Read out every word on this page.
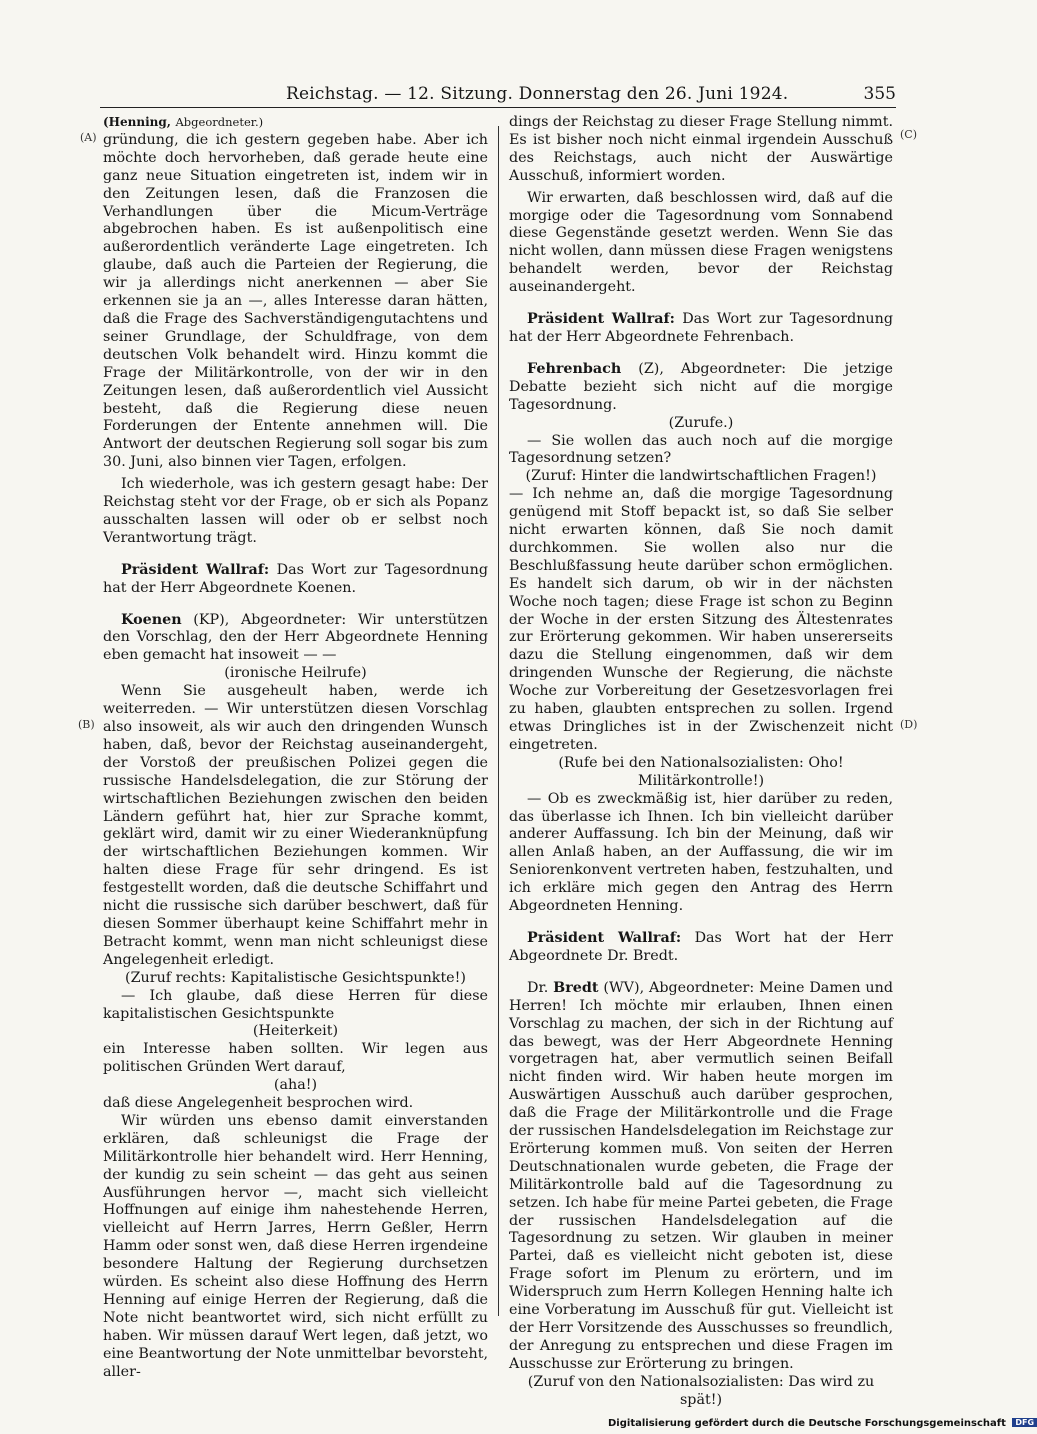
Reichstag. — 12. Sitzung. Donnerstag den 26. Juni 1924.	355
(A)
(B)
(C)
(D)

(Henning, Abgeordneter.)

gründung, die ich gestern gegeben habe. Aber ich möchte doch hervorheben, daß gerade heute eine ganz neue Situation eingetreten ist, indem wir in den Zeitungen lesen, daß die Franzosen die Verhandlungen über die Micum-Verträge abgebrochen haben. Es ist außenpolitisch eine außerordentlich veränderte Lage eingetreten. Ich glaube, daß auch die Parteien der Regierung, die wir ja allerdings nicht anerkennen — aber Sie erkennen sie ja an —, alles Interesse daran hätten, daß die Frage des Sachverständigengutachtens und seiner Grundlage, der Schuldfrage, von dem deutschen Volk behandelt wird. Hinzu kommt die Frage der Militärkontrolle, von der wir in den Zeitungen lesen, daß außerordentlich viel Aussicht besteht, daß die Regierung diese neuen Forderungen der Entente annehmen will. Die Antwort der deutschen Regierung soll sogar bis zum 30. Juni, also binnen vier Tagen, erfolgen.

Ich wiederhole, was ich gestern gesagt habe: Der Reichstag steht vor der Frage, ob er sich als Popanz ausschalten lassen will oder ob er selbst noch Verantwortung trägt.

Präsident Wallraf: Das Wort zur Tagesordnung hat der Herr Abgeordnete Koenen.

Koenen (KP), Abgeordneter: Wir unterstützen den Vorschlag, den der Herr Abgeordnete Henning eben gemacht hat insoweit — —

(ironische Heilrufe)

Wenn Sie ausgeheult haben, werde ich weiterreden. — Wir unterstützen diesen Vorschlag also insoweit, als wir auch den dringenden Wunsch haben, daß, bevor der Reichstag auseinandergeht, der Vorstoß der preußischen Polizei gegen die russische Handelsdelegation, die zur Störung der wirtschaftlichen Beziehungen zwischen den beiden Ländern geführt hat, hier zur Sprache kommt, geklärt wird, damit wir zu einer Wiederanknüpfung der wirtschaftlichen Beziehungen kommen. Wir halten diese Frage für sehr dringend. Es ist festgestellt worden, daß die deutsche Schiffahrt und nicht die russische sich darüber beschwert, daß für diesen Sommer überhaupt keine Schiffahrt mehr in Betracht kommt, wenn man nicht schleunigst diese Angelegenheit erledigt.

(Zuruf rechts: Kapitalistische Gesichtspunkte!)

— Ich glaube, daß diese Herren für diese kapitalistischen Gesichtspunkte

(Heiterkeit)

ein Interesse haben sollten. Wir legen aus politischen Gründen Wert darauf,

(aha!)

daß diese Angelegenheit besprochen wird.

Wir würden uns ebenso damit einverstanden erklären, daß schleunigst die Frage der Militärkontrolle hier behandelt wird. Herr Henning, der kundig zu sein scheint — das geht aus seinen Ausführungen hervor —, macht sich vielleicht Hoffnungen auf einige ihm nahestehende Herren, vielleicht auf Herrn Jarres, Herrn Geßler, Herrn Hamm oder sonst wen, daß diese Herren irgendeine besondere Haltung der Regierung durchsetzen würden. Es scheint also diese Hoffnung des Herrn Henning auf einige Herren der Regierung, daß die Note nicht beantwortet wird, sich nicht erfüllt zu haben. Wir müssen darauf Wert legen, daß jetzt, wo eine Beantwortung der Note unmittelbar bevorsteht, aller-

dings der Reichstag zu dieser Frage Stellung nimmt. Es ist bisher noch nicht einmal irgendein Ausschuß des Reichstags, auch nicht der Auswärtige Ausschuß, informiert worden.

Wir erwarten, daß beschlossen wird, daß auf die morgige oder die Tagesordnung vom Sonnabend diese Gegenstände gesetzt werden. Wenn Sie das nicht wollen, dann müssen diese Fragen wenigstens behandelt werden, bevor der Reichstag auseinandergeht.

Präsident Wallraf: Das Wort zur Tagesordnung hat der Herr Abgeordnete Fehrenbach.

Fehrenbach (Z), Abgeordneter: Die jetzige Debatte bezieht sich nicht auf die morgige Tagesordnung.

(Zurufe.)

— Sie wollen das auch noch auf die morgige Tagesordnung setzen?

(Zuruf: Hinter die landwirtschaftlichen Fragen!)

— Ich nehme an, daß die morgige Tagesordnung genügend mit Stoff bepackt ist, so daß Sie selber nicht erwarten können, daß Sie noch damit durchkommen. Sie wollen also nur die Beschlußfassung heute darüber schon ermöglichen. Es handelt sich darum, ob wir in der nächsten Woche noch tagen; diese Frage ist schon zu Beginn der Woche in der ersten Sitzung des Ältestenrates zur Erörterung gekommen. Wir haben unsererseits dazu die Stellung eingenommen, daß wir dem dringenden Wunsche der Regierung, die nächste Woche zur Vorbereitung der Gesetzesvorlagen frei zu haben, glaubten entsprechen zu sollen. Irgend etwas Dringliches ist in der Zwischenzeit nicht eingetreten.

(Rufe bei den Nationalsozialisten: Oho! Militärkontrolle!)

— Ob es zweckmäßig ist, hier darüber zu reden, das überlasse ich Ihnen. Ich bin vielleicht darüber anderer Auffassung. Ich bin der Meinung, daß wir allen Anlaß haben, an der Auffassung, die wir im Seniorenkonvent vertreten haben, festzuhalten, und ich erkläre mich gegen den Antrag des Herrn Abgeordneten Henning.

Präsident Wallraf: Das Wort hat der Herr Abgeordnete Dr. Bredt.

Dr. Bredt (WV), Abgeordneter: Meine Damen und Herren! Ich möchte mir erlauben, Ihnen einen Vorschlag zu machen, der sich in der Richtung auf das bewegt, was der Herr Abgeordnete Henning vorgetragen hat, aber vermutlich seinen Beifall nicht finden wird. Wir haben heute morgen im Auswärtigen Ausschuß auch darüber gesprochen, daß die Frage der Militärkontrolle und die Frage der russischen Handelsdelegation im Reichstage zur Erörterung kommen muß. Von seiten der Herren Deutschnationalen wurde gebeten, die Frage der Militärkontrolle bald auf die Tagesordnung zu setzen. Ich habe für meine Partei gebeten, die Frage der russischen Handelsdelegation auf die Tagesordnung zu setzen. Wir glauben in meiner Partei, daß es vielleicht nicht geboten ist, diese Frage sofort im Plenum zu erörtern, und im Widerspruch zum Herrn Kollegen Henning halte ich eine Vorberatung im Ausschuß für gut. Vielleicht ist der Herr Vorsitzende des Ausschusses so freundlich, der Anregung zu entsprechen und diese Fragen im Ausschusse zur Erörterung zu bringen.

(Zuruf von den Nationalsozialisten: Das wird zu spät!)

Digitalisierung gefördert durch die Deutsche Forschungsgemeinschaft DFG
